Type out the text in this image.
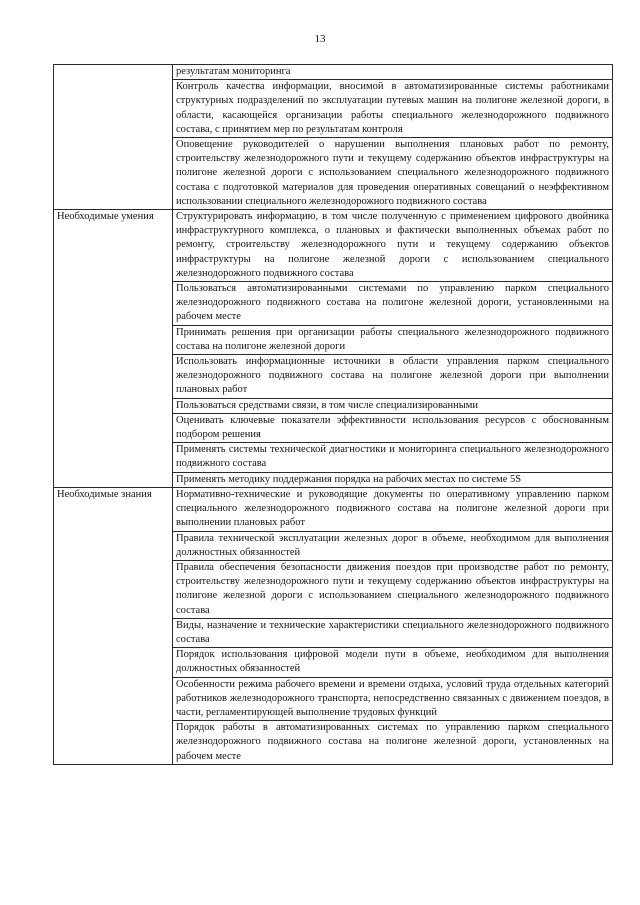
13
	результатам мониторинга
	Контроль качества информации, вносимой в автоматизированные системы работниками структурных подразделений по эксплуатации путевых машин на полигоне железной дороги, в области, касающейся организации работы специального железнодорожного подвижного состава, с принятием мер по результатам контроля
	Оповещение руководителей о нарушении выполнения плановых работ по ремонту, строительству железнодорожного пути и текущему содержанию объектов инфраструктуры на полигоне железной дороги с использованием специального железнодорожного подвижного состава с подготовкой материалов для проведения оперативных совещаний о неэффективном использовании специального железнодорожного подвижного состава
Необходимые умения	Структурировать информацию, в том числе полученную с применением цифрового двойника инфраструктурного комплекса, о плановых и фактически выполненных объемах работ по ремонту, строительству железнодорожного пути и текущему содержанию объектов инфраструктуры на полигоне железной дороги с использованием специального железнодорожного подвижного состава
	Пользоваться автоматизированными системами по управлению парком специального железнодорожного подвижного состава на полигоне железной дороги, установленными на рабочем месте
	Принимать решения при организации работы специального железнодорожного подвижного состава на полигоне железной дороги
	Использовать информационные источники в области управления парком специального железнодорожного подвижного состава на полигоне железной дороги при выполнении плановых работ
	Пользоваться средствами связи, в том числе специализированными
	Оценивать ключевые показатели эффективности использования ресурсов с обоснованным подбором решения
	Применять системы технической диагностики и мониторинга специального железнодорожного подвижного состава
	Применять методику поддержания порядка на рабочих местах по системе 5S
Необходимые знания	Нормативно-технические и руководящие документы по оперативному управлению парком специального железнодорожного подвижного состава на полигоне железной дороги при выполнении плановых работ
	Правила технической эксплуатации железных дорог в объеме, необходимом для выполнения должностных обязанностей
	Правила обеспечения безопасности движения поездов при производстве работ по ремонту, строительству железнодорожного пути и текущему содержанию объектов инфраструктуры на полигоне железной дороги с использованием специального железнодорожного подвижного состава
	Виды, назначение и технические характеристики специального железнодорожного подвижного состава
	Порядок использования цифровой модели пути в объеме, необходимом для выполнения должностных обязанностей
	Особенности режима рабочего времени и времени отдыха, условий труда отдельных категорий работников железнодорожного транспорта, непосредственно связанных с движением поездов, в части, регламентирующей выполнение трудовых функций
	Порядок работы в автоматизированных системах по управлению парком специального железнодорожного подвижного состава на полигоне железной дороги, установленных на рабочем месте
